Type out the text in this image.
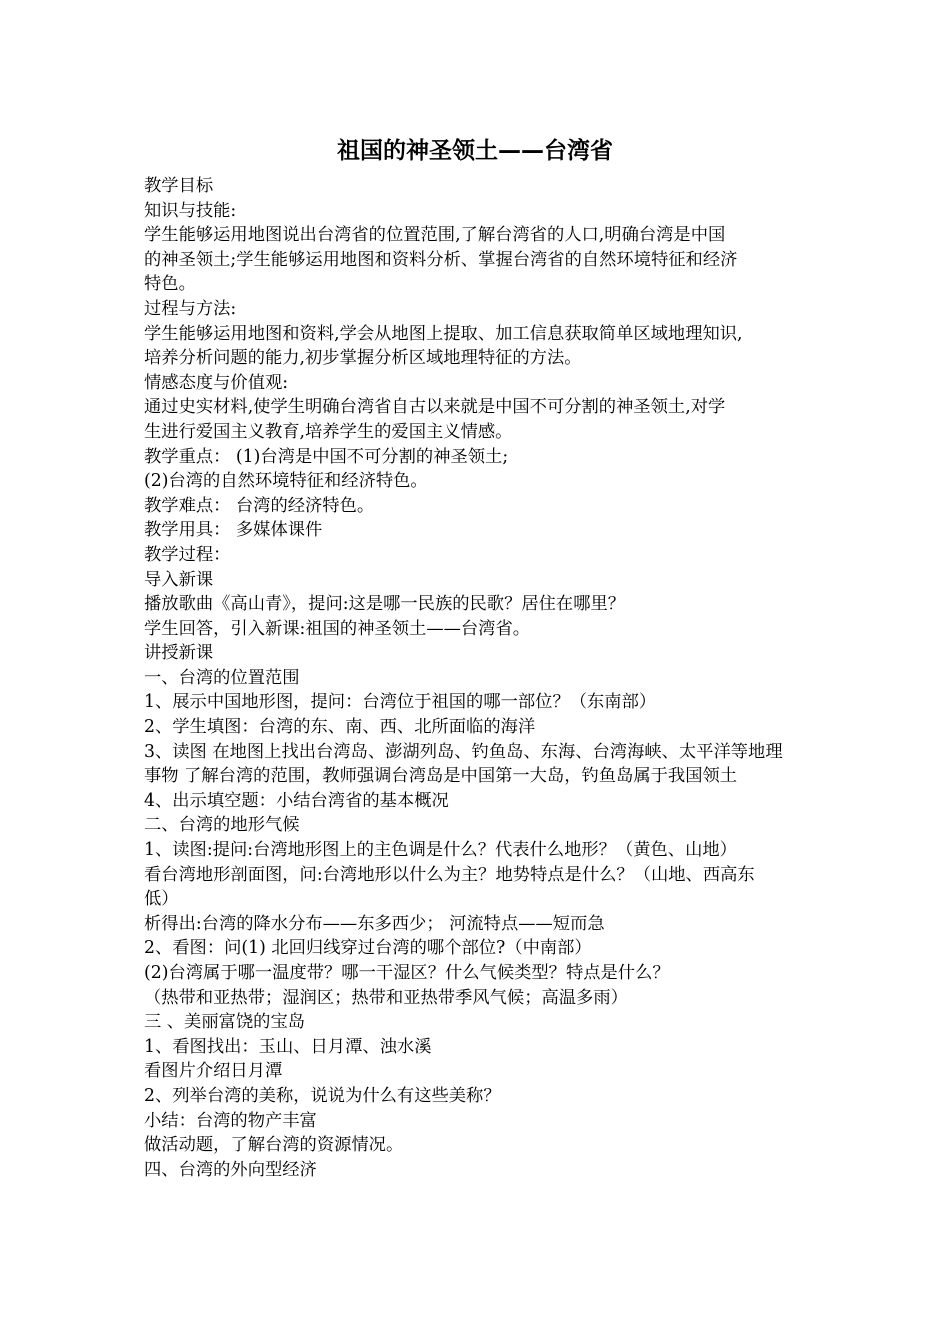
祖国的神圣领土——台湾省
教学目标
知识与技能:
学生能够运用地图说出台湾省的位置范围,了解台湾省的人口,明确台湾是中国
的神圣领土;学生能够运用地图和资料分析、掌握台湾省的自然环境特征和经济
特色。
过程与方法:
学生能够运用地图和资料,学会从地图上提取、加工信息获取简单区域地理知识,
培养分析问题的能力,初步掌握分析区域地理特征的方法。
情感态度与价值观:
通过史实材料,使学生明确台湾省自古以来就是中国不可分割的神圣领土,对学
生进行爱国主义教育,培养学生的爱国主义情感。
教学重点： (1)台湾是中国不可分割的神圣领土;
(2)台湾的自然环境特征和经济特色。
教学难点： 台湾的经济特色。
教学用具： 多媒体课件
教学过程：
导入新课
播放歌曲《高山青》，提问:这是哪一民族的民歌？居住在哪里？
学生回答，引入新课:祖国的神圣领土——台湾省。
讲授新课
一、台湾的位置范围
1、展示中国地形图，提问：台湾位于祖国的哪一部位？（东南部）
2、学生填图：台湾的东、南、西、北所面临的海洋
3、读图 在地图上找出台湾岛、澎湖列岛、钓鱼岛、东海、台湾海峡、太平洋等地理
事物 了解台湾的范围，教师强调台湾岛是中国第一大岛，钓鱼岛属于我国领土
4、出示填空题：小结台湾省的基本概况
二、台湾的地形气候
1、读图:提问:台湾地形图上的主色调是什么？代表什么地形？（黄色、山地）
看台湾地形剖面图，问:台湾地形以什么为主？地势特点是什么？（山地、西高东
低）
析得出:台湾的降水分布——东多西少； 河流特点——短而急
2、看图：问(1) 北回归线穿过台湾的哪个部位?（中南部）
(2)台湾属于哪一温度带？哪一干湿区？什么气候类型？特点是什么？
（热带和亚热带；湿润区；热带和亚热带季风气候；高温多雨）
三 、美丽富饶的宝岛
1、看图找出：玉山、日月潭、浊水溪
看图片介绍日月潭
2、列举台湾的美称，说说为什么有这些美称？
小结：台湾的物产丰富
做活动题，了解台湾的资源情况。
四、台湾的外向型经济
